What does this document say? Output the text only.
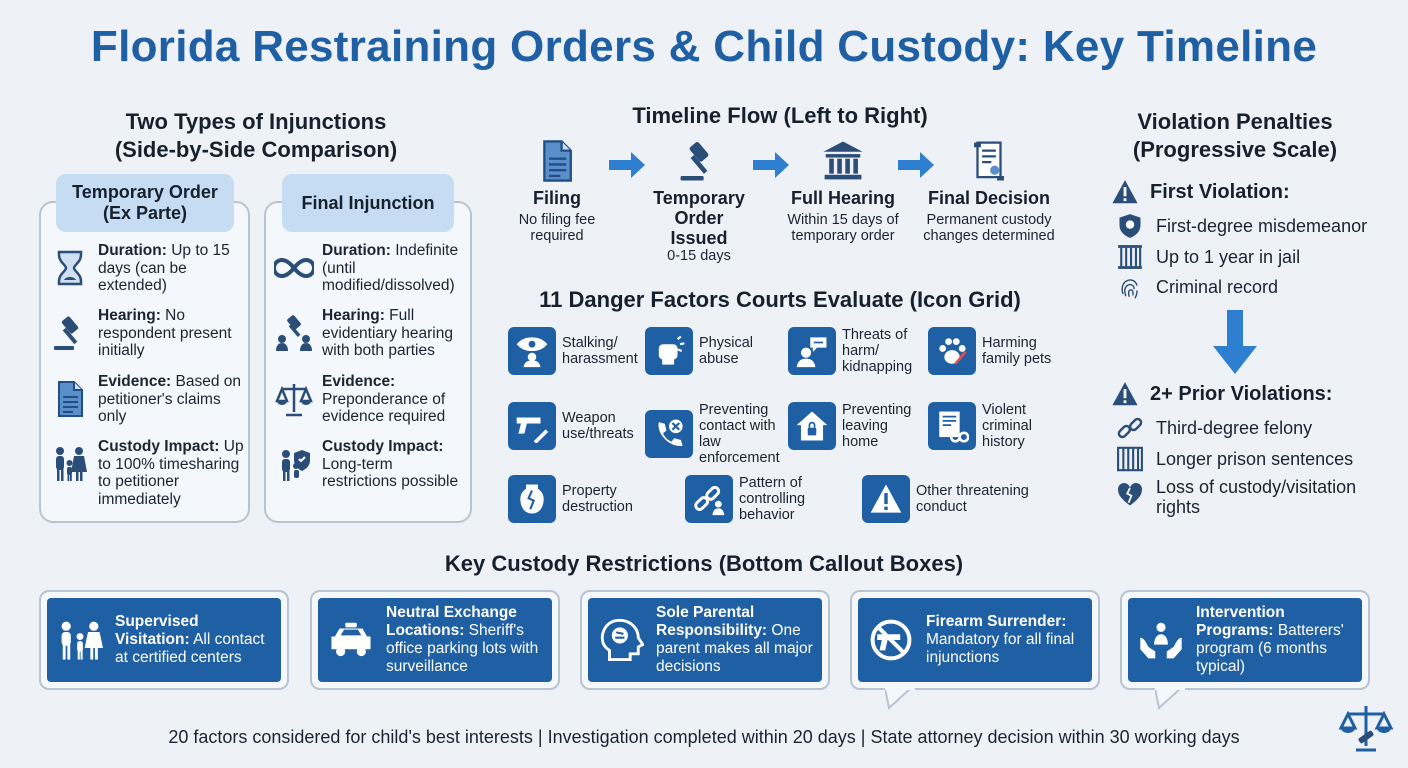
Florida Restraining Orders & Child Custody: Key Timeline
Two Types of Injunctions
(Side-by-Side Comparison)
Temporary Order
(Ex Parte)
Duration: Up to 15 days (can be extended)
Hearing: No respondent present initially
Evidence: Based on petitioner's claims only
Custody Impact: Up to 100% timesharing to petitioner immediately
Final Injunction
Duration: Indefinite (until modified/dissolved)
Hearing: Full evidentiary hearing with both parties
Evidence: Preponderance of evidence required
Custody Impact: Long-term restrictions possible
Timeline Flow (Left to Right)
Filing
No filing fee required
Temporary Order Issued
0-15 days
Full Hearing
Within 15 days of temporary order
Final Decision
Permanent custody changes determined
11 Danger Factors Courts Evaluate (Icon Grid)
Stalking/ harassment
Physical abuse
Threats of harm/ kidnapping
Harming family pets
Weapon use/threats
Preventing contact with law enforcement
Preventing leaving home
Violent criminal history
Property destruction
Pattern of controlling behavior
Other threatening conduct
Violation Penalties
(Progressive Scale)
First Violation:
First-degree misdemeanor
Up to 1 year in jail
Criminal record
2+ Prior Violations:
Third-degree felony
Longer prison sentences
Loss of custody/visitation rights
Key Custody Restrictions (Bottom Callout Boxes)
Supervised Visitation: All contact at certified centers
Neutral Exchange Locations: Sheriff's office parking lots with surveillance
Sole Parental Responsibility: One parent makes all major decisions
Firearm Surrender: Mandatory for all final injunctions
Intervention Programs: Batterers' program (6 months typical)
20 factors considered for child's best interests | Investigation completed within 20 days | State attorney decision within 30 working days
